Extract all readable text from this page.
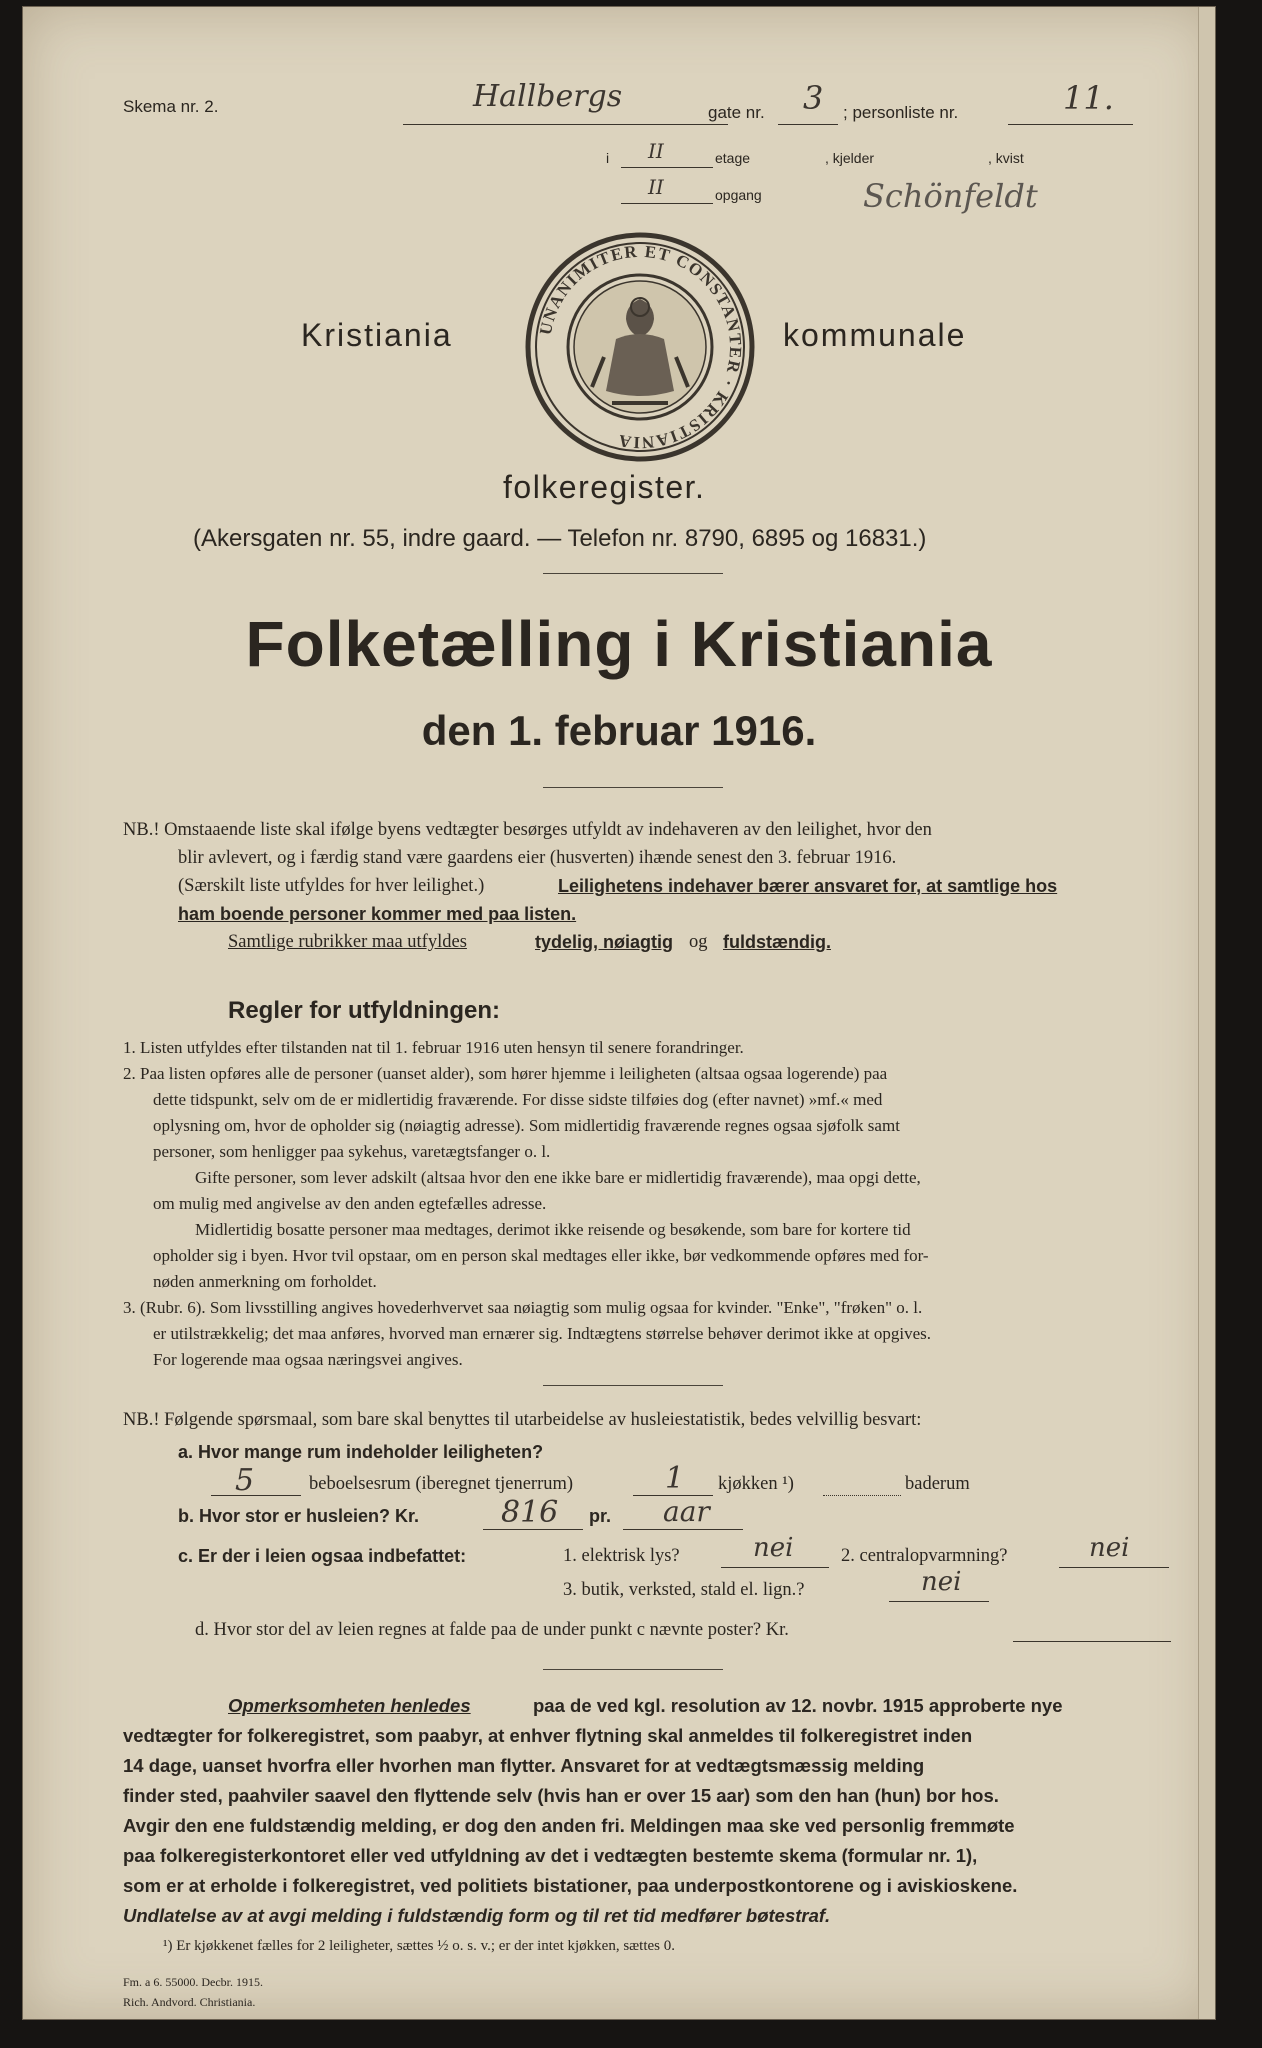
Skema nr. 2.	Hallbergs	gate nr. 3 ; personliste nr.	11.
i II	etage	, kjelder	, kvist
II	opgang	Schönfeldt
Kristiania	UNANIMITER ET CONSTANTER · KRISTIANIA
kommunale
folkeregister.
(Akersgaten nr. 55, indre gaard. — Telefon nr. 8790, 6895 og 16831.)
Folketælling i Kristiania
den 1. februar 1916.
NB.! Omstaaende liste skal ifølge byens vedtægter besørges utfyldt av indehaveren av den leilighet, hvor den
blir avlevert, og i færdig stand være gaardens eier (husverten) ihænde senest den 3. februar 1916.
(Særskilt liste utfyldes for hver leilighet.)	Leilighetens indehaver bærer ansvaret for, at samtlige hos
ham boende personer kommer med paa listen.
Samtlige rubrikker maa utfyldes	tydelig, nøiagtig og fuldstændig.
Regler for utfyldningen:
1. Listen utfyldes efter tilstanden nat til 1. februar 1916 uten hensyn til senere forandringer.
2. Paa listen opføres alle de personer (uanset alder), som hører hjemme i leiligheten (altsaa ogsaa logerende) paa
dette tidspunkt, selv om de er midlertidig fraværende. For disse sidste tilføies dog (efter navnet) »mf.« med
oplysning om, hvor de opholder sig (nøiagtig adresse). Som midlertidig fraværende regnes ogsaa sjøfolk samt
personer, som henligger paa sykehus, varetægtsfanger o. l.
Gifte personer, som lever adskilt (altsaa hvor den ene ikke bare er midlertidig fraværende), maa opgi dette,
om mulig med angivelse av den anden egtefælles adresse.
Midlertidig bosatte personer maa medtages, derimot ikke reisende og besøkende, som bare for kortere tid
opholder sig i byen. Hvor tvil opstaar, om en person skal medtages eller ikke, bør vedkommende opføres med for-
nøden anmerkning om forholdet.
3. (Rubr. 6). Som livsstilling angives hovederhvervet saa nøiagtig som mulig ogsaa for kvinder. "Enke", "frøken" o. l.
er utilstrækkelig; det maa anføres, hvorved man ernærer sig. Indtægtens størrelse behøver derimot ikke at opgives.
For logerende maa ogsaa næringsvei angives.
NB.! Følgende spørsmaal, som bare skal benyttes til utarbeidelse av husleiestatistik, bedes velvillig besvart:
a. Hvor mange rum indeholder leiligheten?
5	beboelsesrum (iberegnet tjenerrum)	1 kjøkken ¹)	baderum
b. Hvor stor er husleien? Kr.	816 pr. aar
c. Er der i leien ogsaa indbefattet:	1. elektrisk lys?	nei	2. centralopvarmning?	nei
3. butik, verksted, stald el. lign.?	nei
d. Hvor stor del av leien regnes at falde paa de under punkt c nævnte poster? Kr.
Opmerksomheten henledes	paa de ved kgl. resolution av 12. novbr. 1915 approberte nye
vedtægter for folkeregistret, som paabyr, at enhver flytning skal anmeldes til folkeregistret inden
14 dage, uanset hvorfra eller hvorhen man flytter. Ansvaret for at vedtægtsmæssig melding
finder sted, paahviler saavel den flyttende selv (hvis han er over 15 aar) som den han (hun) bor hos.
Avgir den ene fuldstændig melding, er dog den anden fri. Meldingen maa ske ved personlig fremmøte
paa folkeregisterkontoret eller ved utfyldning av det i vedtægten bestemte skema (formular nr. 1),
som er at erholde i folkeregistret, ved politiets bistationer, paa underpostkontorene og i aviskioskene.
Undlatelse av at avgi melding i fuldstændig form og til ret tid medfører bøtestraf.
¹) Er kjøkkenet fælles for 2 leiligheter, sættes ½ o. s. v.; er der intet kjøkken, sættes 0.
Fm. a 6. 55000. Decbr. 1915.
Rich. Andvord. Christiania.
